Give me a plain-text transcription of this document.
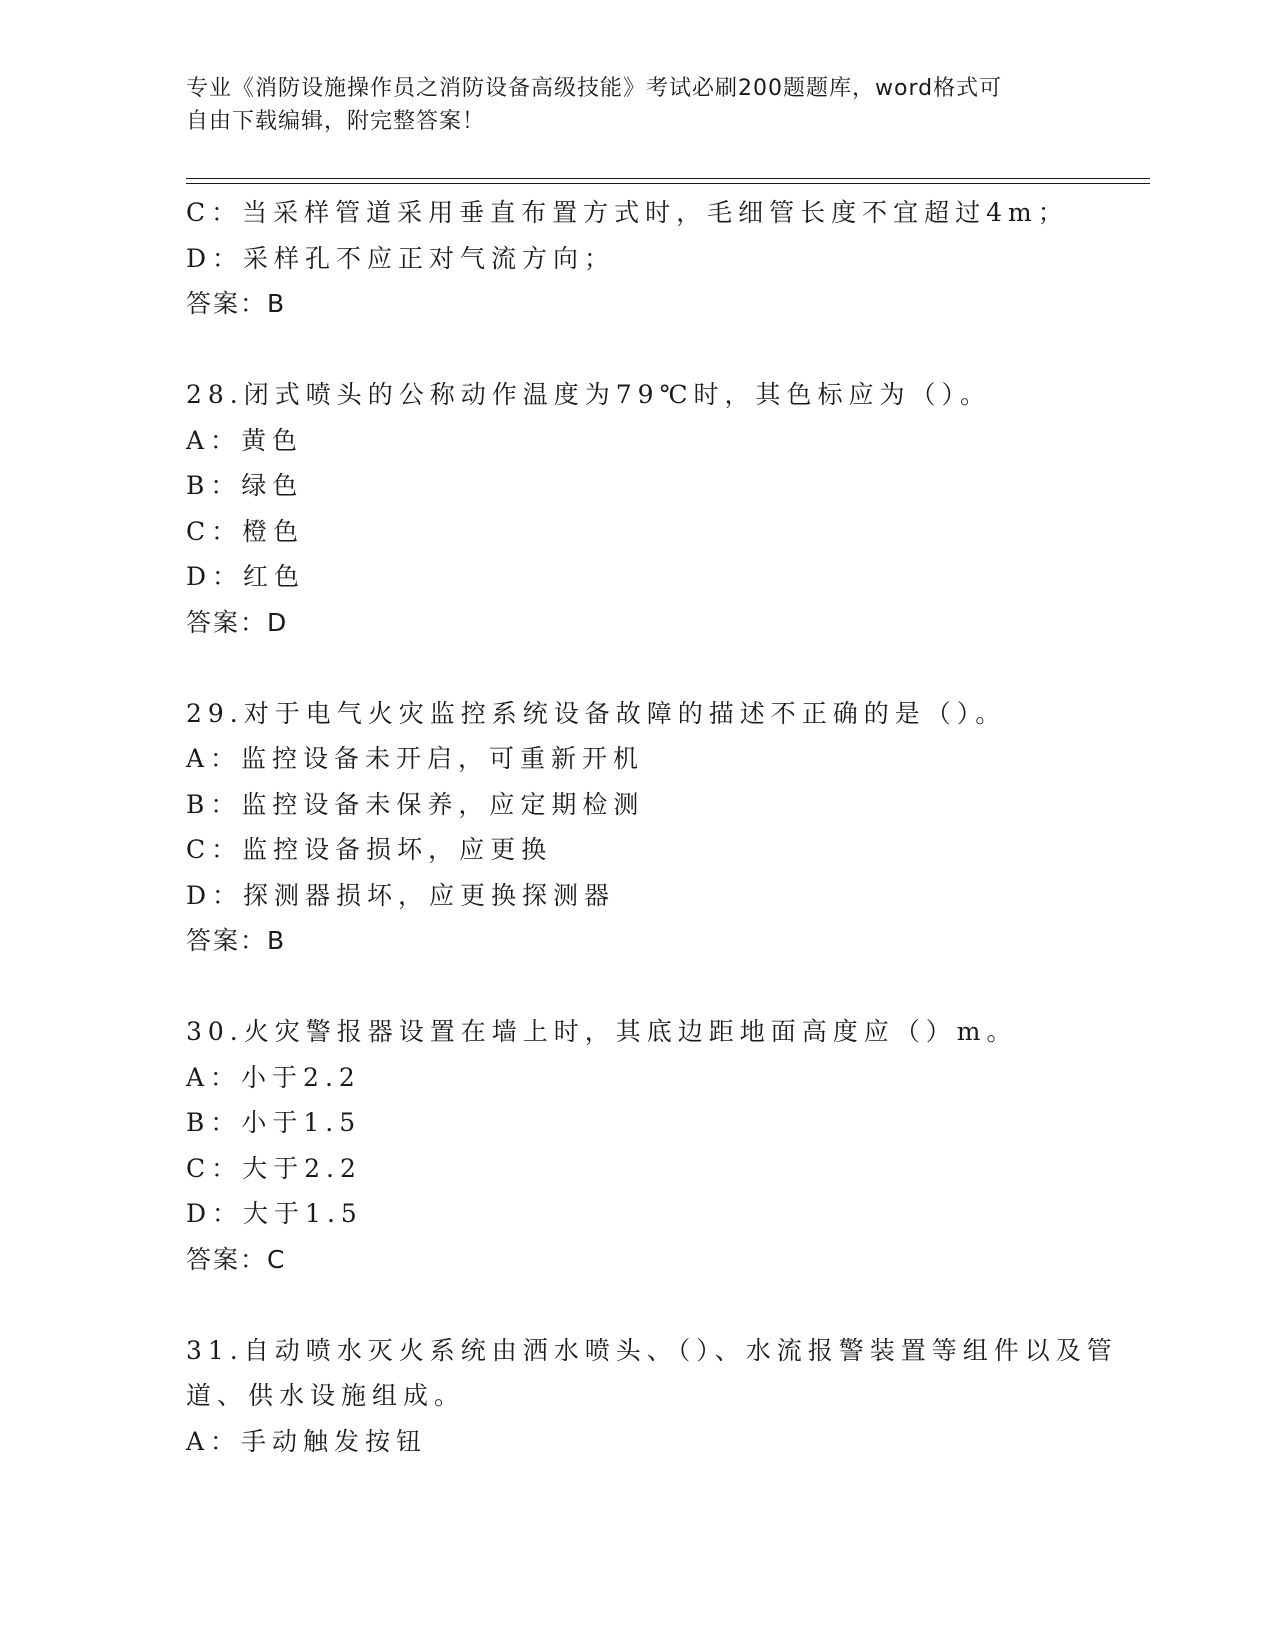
专业《消防设施操作员之消防设备高级技能》考试必刷200题题库，word格式可
自由下载编辑，附完整答案！
C：当采样管道采用垂直布置方式时，毛细管长度不宜超过4m；
D：采样孔不应正对气流方向；
答案：B
28.闭式喷头的公称动作温度为79℃时，其色标应为（）。
A：黄色
B：绿色
C：橙色
D：红色
答案：D
29.对于电气火灾监控系统设备故障的描述不正确的是（）。
A：监控设备未开启，可重新开机
B：监控设备未保养，应定期检测
C：监控设备损坏，应更换
D：探测器损坏，应更换探测器
答案：B
30.火灾警报器设置在墙上时，其底边距地面高度应（）m。
A：小于2.2
B：小于1.5
C：大于2.2
D：大于1.5
答案：C
31.自动喷水灭火系统由洒水喷头、（）、水流报警装置等组件以及管
道、供水设施组成。
A：手动触发按钮
